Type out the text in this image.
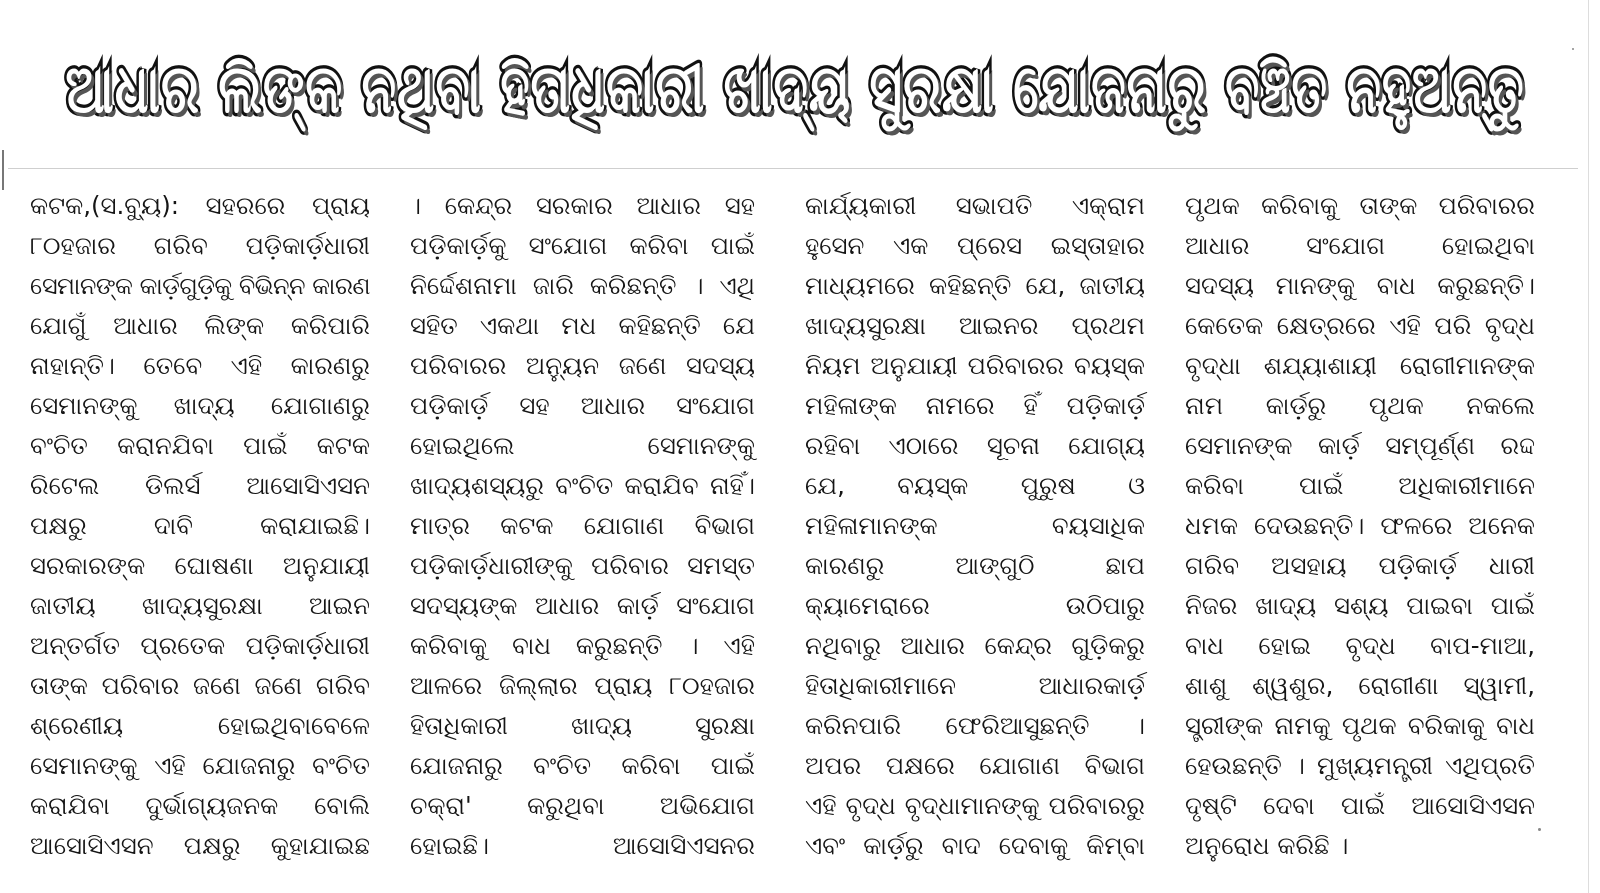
ଆଧାର ଲିଙ୍କ ନଥିବା ହିତାଧିକାରୀ ଖାଦ୍ୟ ସୁରକ୍ଷା ଯୋଜନାରୁ ବଞ୍ଚିତ ନହୁଅନ୍ତୁ
କଟକ,(ସ.ବ୍ୟୁ): ସହରରେ ପ୍ରାୟ
୮୦ହଜାର ଗରିବ ପଡ଼ିକାର୍ଡ଼ଧାରୀ
ସେମାନଙ୍କ କାର୍ଡ଼ଗୁଡ଼ିକୁ ବିଭିନ୍ନ କାରଣ
ଯୋଗୁଁ ଆଧାର ଲିଙ୍କ କରିପାରି
ନାହାନ୍ତି। ତେବେ ଏହି କାରଣରୁ
ସେମାନଙ୍କୁ ଖାଦ୍ୟ ଯୋଗାଣରୁ
ବଂଚିତ କରାନଯିବା ପାଇଁ କଟକ
ରିଟେଲ ଡିଲର୍ସ ଆସୋସିଏସନ
ପକ୍ଷରୁ ଦାବି କରାଯାଇଛି।
ସରକାରଙ୍କ ଘୋଷଣା ଅନୁଯାୟୀ
ଜାତୀୟ ଖାଦ୍ୟସୁରକ୍ଷା ଆଇନ
ଅନ୍ତର୍ଗତ ପ୍ରତେକ ପଡ଼ିକାର୍ଡ଼ଧାରୀ
ତାଙ୍କ ପରିବାର ଜଣେ ଜଣେ ଗରିବ
ଶ୍ରେଣୀୟ ହୋଇଥିବାବେଳେ
ସେମାନଙ୍କୁ ଏହି ଯୋଜନାରୁ ବଂଚିତ
କରାଯିବା ଦୁର୍ଭାଗ୍ୟଜନକ ବୋଲି
ଆସୋସିଏସନ ପକ୍ଷରୁ କୁହାଯାଇଛ
। କେନ୍ଦ୍ର ସରକାର ଆଧାର ସହ
ପଡ଼ିକାର୍ଡ଼କୁ ସଂଯୋଗ କରିବା ପାଇଁ
ନିର୍ଦ୍ଦେଶନାମା ଜାରି କରିଛନ୍ତି । ଏଥି
ସହିତ ଏକଥା ମଧ କହିଛନ୍ତି ଯେ
ପରିବାରର ଅନ୍ୟୁନ ଜଣେ ସଦସ୍ୟ
ପଡ଼ିକାର୍ଡ଼ ସହ ଆଧାର ସଂଯୋଗ
ହୋଇଥିଲେ ସେମାନଙ୍କୁ
ଖାଦ୍ୟଶସ୍ୟରୁ ବଂଚିତ କରାଯିବ ନାହିଁ।
ମାତ୍ର କଟକ ଯୋଗାଣ ବିଭାଗ
ପଡ଼ିକାର୍ଡ଼ଧାରୀଙ୍କୁ ପରିବାର ସମସ୍ତ
ସଦସ୍ୟଙ୍କ ଆଧାର କାର୍ଡ଼ ସଂଯୋଗ
କରିବାକୁ ବାଧ କରୁଛନ୍ତି । ଏହି
ଆଳରେ ଜିଲ୍ଲାର ପ୍ରାୟ ୮୦ହଜାର
ହିତାଧିକାରୀ ଖାଦ୍ୟ ସୁରକ୍ଷା
ଯୋଜନାରୁ ବଂଚିତ କରିବା ପାଇଁ
ଚକ୍ରା' କରୁଥିବା ଅଭିଯୋଗ
ହୋଇଛି। ଆସୋସିଏସନର
କାର୍ଯ୍ୟକାରୀ ସଭାପତି ଏକ୍ରାମ
ହୁସେନ ଏକ ପ୍ରେସ ଇସ୍ତାହାର
ମାଧ୍ୟମରେ କହିଛନ୍ତି ଯେ, ଜାତୀୟ
ଖାଦ୍ୟସୁରକ୍ଷା ଆଇନର ପ୍ରଥମ
ନିୟମ ଅନୁଯାୟୀ ପରିବାରର ବୟସ୍କ
ମହିଳାଙ୍କ ନାମରେ ହିଁ ପଡ଼ିକାର୍ଡ଼
ରହିବା ଏଠାରେ ସୂଚନା ଯୋଗ୍ୟ
ଯେ, ବୟସ୍କ ପୁରୁଷ ଓ
ମହିଳାମାନଙ୍କ ବୟସାଧିକ
କାରଣରୁ ଆଙ୍ଗୁଠି ଛାପ
କ୍ୟାମେରାରେ ଉଠିପାରୁ
ନଥିବାରୁ ଆଧାର କେନ୍ଦ୍ର ଗୁଡ଼ିକରୁ
ହିତାଧିକାରୀମାନେ ଆଧାରକାର୍ଡ଼
କରିନପାରି ଫେରିଆସୁଛନ୍ତି ।
ଅପର ପକ୍ଷରେ ଯୋଗାଣ ବିଭାଗ
ଏହି ବୃଦ୍ଧ ବୃଦ୍ଧାମାନଙ୍କୁ ପରିବାରରୁ
ଏବଂ କାର୍ଡ଼ରୁ ବାଦ ଦେବାକୁ କିମ୍ବା
ପୃଥକ କରିବାକୁ ତାଙ୍କ ପରିବାରର
ଆଧାର ସଂଯୋଗ ହୋଇଥିବା
ସଦସ୍ୟ ମାନଙ୍କୁ ବାଧ କରୁଛନ୍ତି।
କେତେକ କ୍ଷେତ୍ରରେ ଏହି ପରି ବୃଦ୍ଧ
ବୃଦ୍ଧା ଶଯ୍ୟାଶାୟୀ ରୋଗୀମାନଙ୍କ
ନାମ କାର୍ଡ଼ରୁ ପୃଥକ ନକଲେ
ସେମାନଙ୍କ କାର୍ଡ଼ ସମ୍ପୂର୍ଣ୍ଣ ରଦ୍ଦ
କରିବା ପାଇଁ ଅଧିକାରୀମାନେ
ଧମକ ଦେଉଛନ୍ତି। ଫଳରେ ଅନେକ
ଗରିବ ଅସହାୟ ପଡ଼ିକାର୍ଡ଼ ଧାରୀ
ନିଜର ଖାଦ୍ୟ ସଶ୍ୟ ପାଇବା ପାଇଁ
ବାଧ ହୋଇ ବୃଦ୍ଧ ବାପ-ମାଆ,
ଶାଶୁ ଶ୍ୱଶୁର, ରୋଗୀଣା ସ୍ୱାମୀ,
ସ୍ତ୍ରୀଙ୍କ ନାମକୁ ପୃଥକ ବରିକାକୁ ବାଧ
ହେଉଛନ୍ତି । ମୁଖ୍ୟମନ୍ତ୍ରୀ ଏଥିପ୍ରତି
ଦୃଷ୍ଟି ଦେବା ପାଇଁ ଆସୋସିଏସନ
ଅନୁରୋଧ କରିଛି ।
